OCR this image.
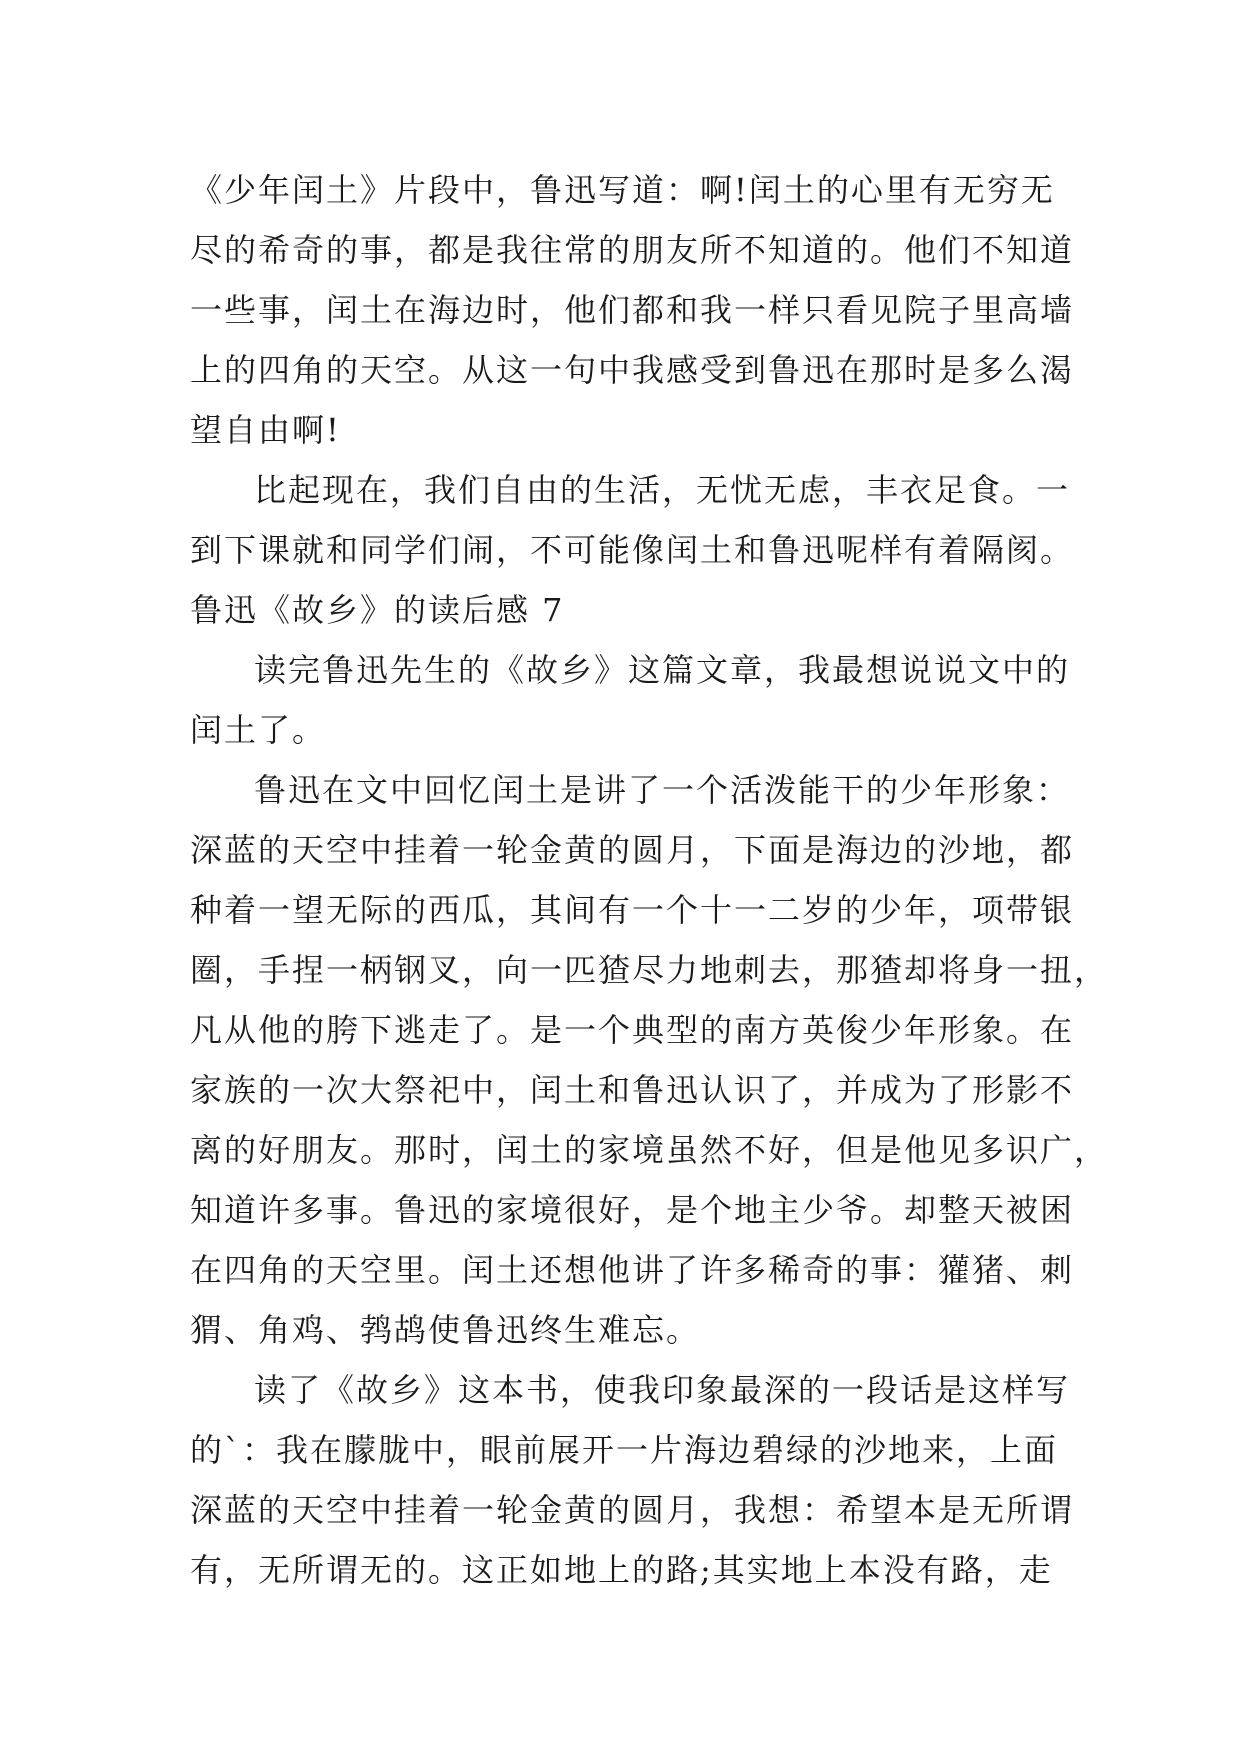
《少年闰土》片段中，鲁迅写道：啊!闰土的心里有无穷无
尽的希奇的事，都是我往常的朋友所不知道的。他们不知道
一些事，闰土在海边时，他们都和我一样只看见院子里高墙
上的四角的天空。从这一句中我感受到鲁迅在那时是多么渴
望自由啊!
比起现在，我们自由的生活，无忧无虑，丰衣足食。一
到下课就和同学们闹，不可能像闰土和鲁迅呢样有着隔阂。
鲁迅《故乡》的读后感 7
读完鲁迅先生的《故乡》这篇文章，我最想说说文中的
闰土了。
鲁迅在文中回忆闰土是讲了一个活泼能干的少年形象：
深蓝的天空中挂着一轮金黄的圆月，下面是海边的沙地，都
种着一望无际的西瓜，其间有一个十一二岁的少年，项带银
圈，手捏一柄钢叉，向一匹猹尽力地刺去，那猹却将身一扭，
凡从他的胯下逃走了。是一个典型的南方英俊少年形象。在
家族的一次大祭祀中，闰土和鲁迅认识了，并成为了形影不
离的好朋友。那时，闰土的家境虽然不好，但是他见多识广，
知道许多事。鲁迅的家境很好，是个地主少爷。却整天被困
在四角的天空里。闰土还想他讲了许多稀奇的事：獾猪、刺
猬、角鸡、鹁鸪使鲁迅终生难忘。
读了《故乡》这本书，使我印象最深的一段话是这样写
的`：我在朦胧中，眼前展开一片海边碧绿的沙地来，上面
深蓝的天空中挂着一轮金黄的圆月，我想：希望本是无所谓
有，无所谓无的。这正如地上的路;其实地上本没有路，走
